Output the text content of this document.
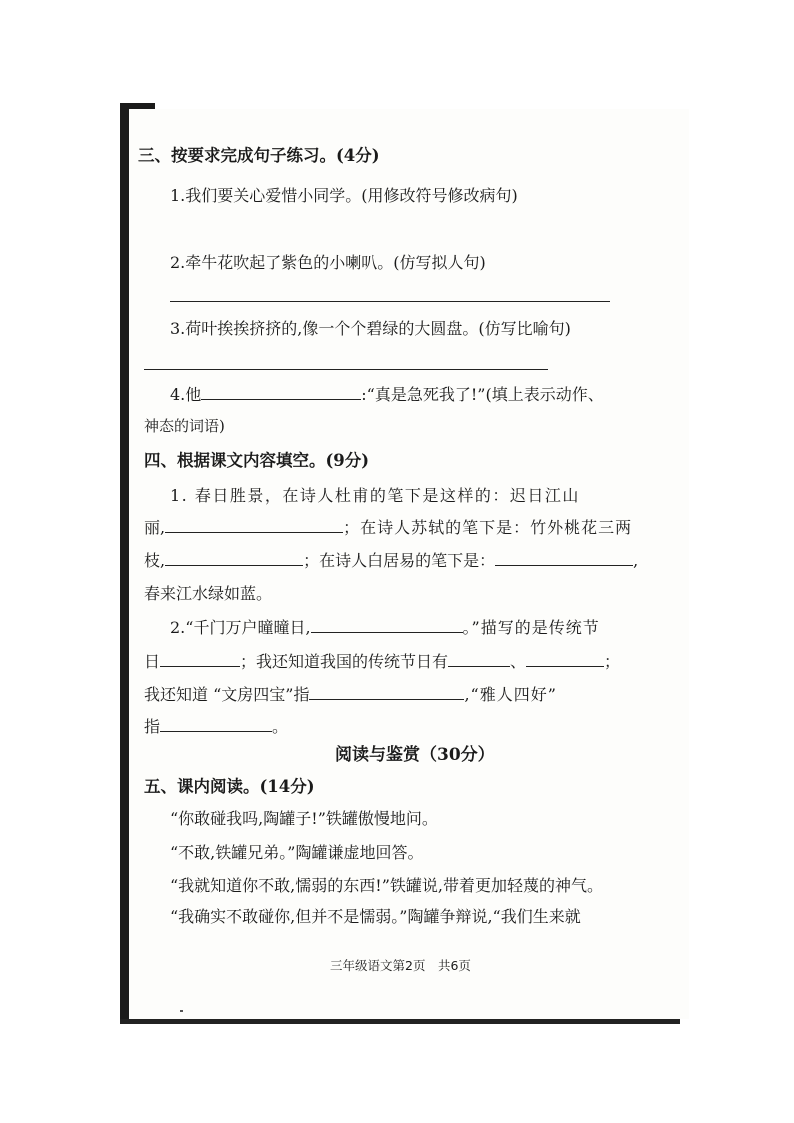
三、按要求完成句子练习。(4分)
1.我们要关心爱惜小同学。(用修改符号修改病句)
2.牵牛花吹起了紫色的小喇叭。(仿写拟人句)
3.荷叶挨挨挤挤的,像一个个碧绿的大圆盘。(仿写比喻句)
4.他	:“真是急死我了!”(填上表示动作、
神态的词语)
四、根据课文内容填空。(9分)
1. 春日胜景，在诗人杜甫的笔下是这样的：迟日江山
丽,	；在诗人苏轼的笔下是：竹外桃花三两
枝,	；在诗人白居易的笔下是：	,
春来江水绿如蓝。
2.“千门万户曈曈日,	。”描写的是传统节
日	；我还知道我国的传统节日有	、	；
我还知道 “文房四宝”指	,“雅人四好”
指	。
阅读与鉴赏（30分）
五、课内阅读。(14分)
“你敢碰我吗,陶罐子!”铁罐傲慢地问。
“不敢,铁罐兄弟。”陶罐谦虚地回答。
“我就知道你不敢,懦弱的东西!”铁罐说,带着更加轻蔑的神气。
“我确实不敢碰你,但并不是懦弱。”陶罐争辩说,“我们生来就
三年级语文第2页　共6页
